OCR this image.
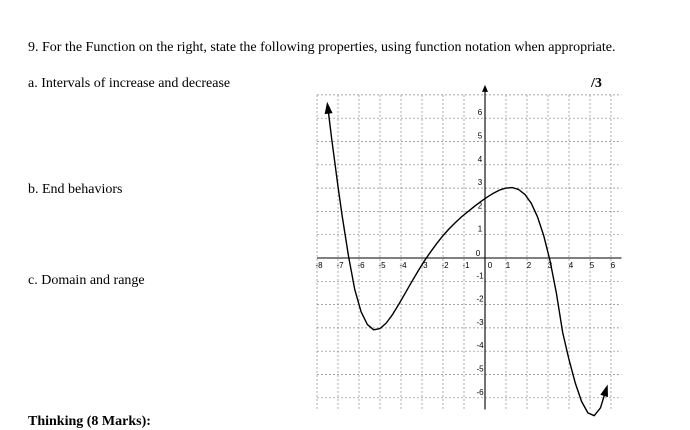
9. For the Function on the right, state the following properties, using function notation when appropriate.
a. Intervals of increase and decrease	/3
b. End behaviors
c. Domain and range
Thinking (8 Marks):
-8 -7 -6 -5 -4 -3 -2 -1 0 1 2 3 4 5 6
-6
-5
-4
-3
-2
-1
0
1
2
3
4
5
6
